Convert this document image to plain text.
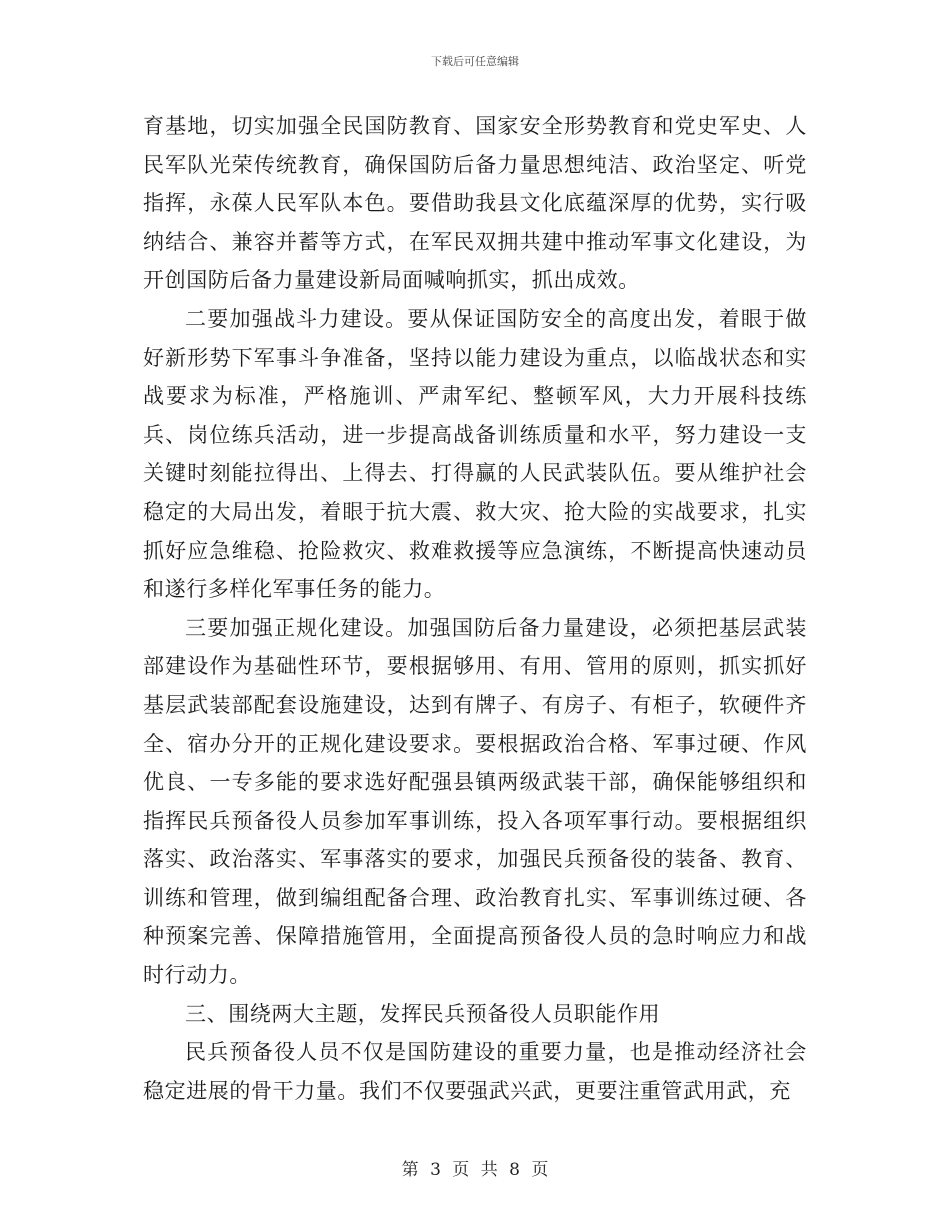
下载后可任意编辑

育基地，切实加强全民国防教育、国家安全形势教育和党史军史、人民军队光荣传统教育，确保国防后备力量思想纯洁、政治坚定、听党指挥，永葆人民军队本色。要借助我县文化底蕴深厚的优势，实行吸纳结合、兼容并蓄等方式，在军民双拥共建中推动军事文化建设，为开创国防后备力量建设新局面喊响抓实，抓出成效。

二要加强战斗力建设。要从保证国防安全的高度出发，着眼于做好新形势下军事斗争准备，坚持以能力建设为重点，以临战状态和实战要求为标准，严格施训、严肃军纪、整顿军风，大力开展科技练兵、岗位练兵活动，进一步提高战备训练质量和水平，努力建设一支关键时刻能拉得出、上得去、打得赢的人民武装队伍。要从维护社会稳定的大局出发，着眼于抗大震、救大灾、抢大险的实战要求，扎实抓好应急维稳、抢险救灾、救难救援等应急演练，不断提高快速动员和遂行多样化军事任务的能力。

三要加强正规化建设。加强国防后备力量建设，必须把基层武装部建设作为基础性环节，要根据够用、有用、管用的原则，抓实抓好基层武装部配套设施建设，达到有牌子、有房子、有柜子，软硬件齐全、宿办分开的正规化建设要求。要根据政治合格、军事过硬、作风优良、一专多能的要求选好配强县镇两级武装干部，确保能够组织和指挥民兵预备役人员参加军事训练，投入各项军事行动。要根据组织落实、政治落实、军事落实的要求，加强民兵预备役的装备、教育、训练和管理，做到编组配备合理、政治教育扎实、军事训练过硬、各种预案完善、保障措施管用，全面提高预备役人员的急时响应力和战时行动力。

三、围绕两大主题，发挥民兵预备役人员职能作用

民兵预备役人员不仅是国防建设的重要力量，也是推动经济社会稳定进展的骨干力量。我们不仅要强武兴武，更要注重管武用武，充

第 3 页 共 8 页
